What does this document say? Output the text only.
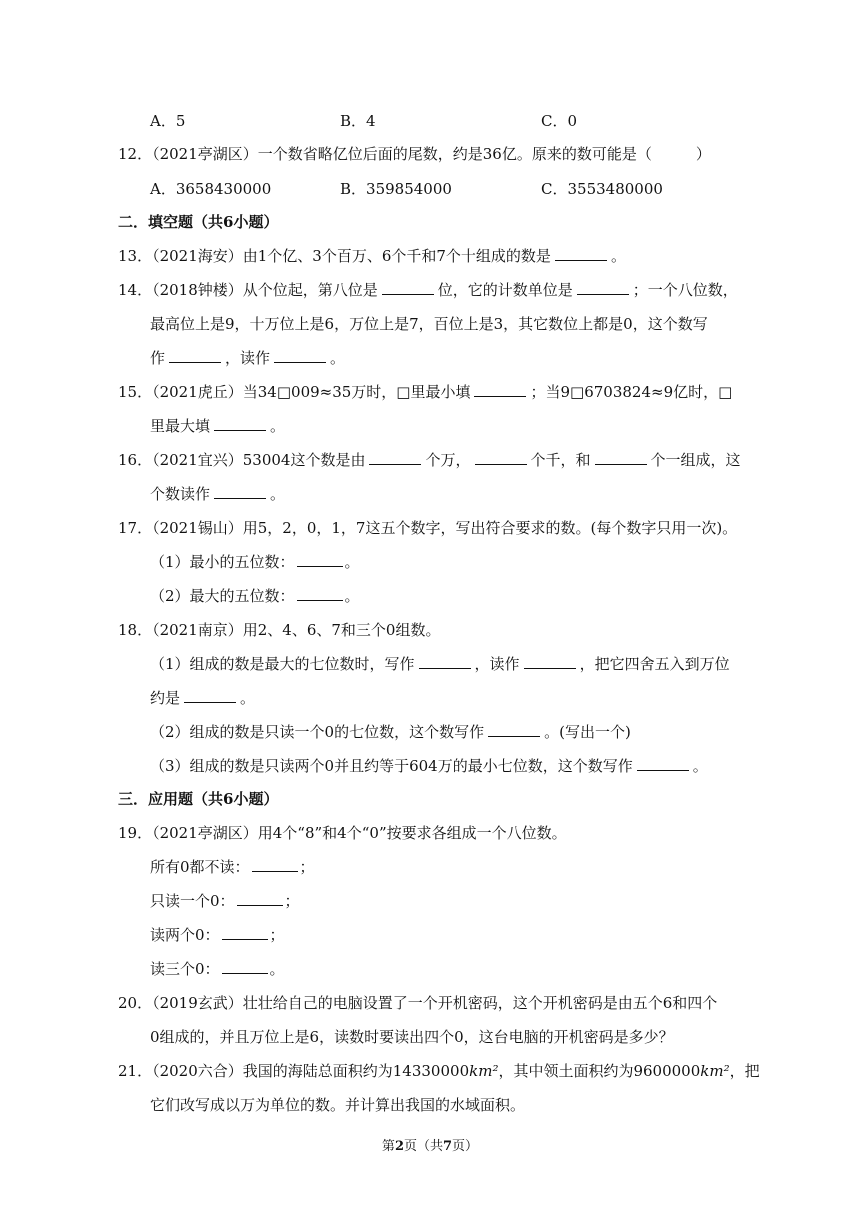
A．5	B．4	C．0
12．（2021亭湖区）一个数省略亿位后面的尾数，约是36亿。原来的数可能是（	）
A．3658430000	B．359854000	C．3553480000
二．填空题（共6小题）
13．（2021海安）由1个亿、3个百万、6个千和7个十组成的数是	。
14．（2018钟楼）从个位起，第八位是	位，它的计数单位是	；一个八位数，
最高位上是9，十万位上是6，万位上是7，百位上是3，其它数位上都是0，这个数写
作	，读作	。
15．（2021虎丘）当34□009≈35万时，□里最小填	；当9□6703824≈9亿时，□
里最大填	。
16．（2021宜兴）53004这个数是由	个万，	个千，和	个一组成，这
个数读作	。
17．（2021锡山）用5，2，0，1，7这五个数字，写出符合要求的数。(每个数字只用一次)。
（1）最小的五位数：	。
（2）最大的五位数：	。
18．（2021南京）用2、4、6、7和三个0组数。
（1）组成的数是最大的七位数时，写作	，读作	，把它四舍五入到万位
约是	。
（2）组成的数是只读一个0的七位数，这个数写作	。(写出一个)
（3）组成的数是只读两个0并且约等于604万的最小七位数，这个数写作	。
三．应用题（共6小题）
19．（2021亭湖区）用4个“8”和4个“0”按要求各组成一个八位数。
所有0都不读：	；
只读一个0：	；
读两个0：	；
读三个0：	。
20．（2019玄武）壮壮给自己的电脑设置了一个开机密码，这个开机密码是由五个6和四个
0组成的，并且万位上是6，读数时要读出四个0，这台电脑的开机密码是多少？
21．（2020六合）我国的海陆总面积约为14330000km²，其中领土面积约为9600000km²，把
它们改写成以万为单位的数。并计算出我国的水域面积。
第2页（共7页）
